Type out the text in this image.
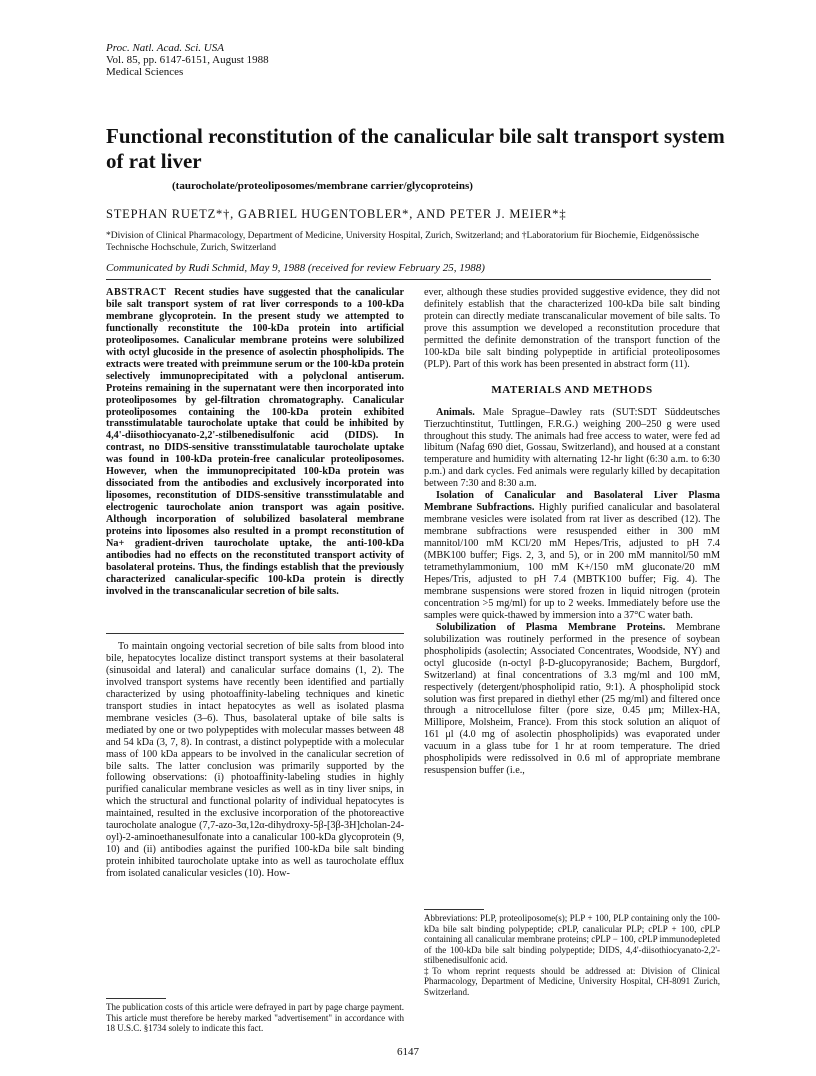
Proc. Natl. Acad. Sci. USA
Vol. 85, pp. 6147-6151, August 1988
Medical Sciences
Functional reconstitution of the canalicular bile salt transport system of rat liver
(taurocholate/proteoliposomes/membrane carrier/glycoproteins)
STEPHAN RUETZ*†, GABRIEL HUGENTOBLER*, AND PETER J. MEIER*‡
*Division of Clinical Pharmacology, Department of Medicine, University Hospital, Zurich, Switzerland; and †Laboratorium für Biochemie, Eidgenössische Technische Hochschule, Zurich, Switzerland
Communicated by Rudi Schmid, May 9, 1988 (received for review February 25, 1988)
ABSTRACT Recent studies have suggested that the canalicular bile salt transport system of rat liver corresponds to a 100-kDa membrane glycoprotein. In the present study we attempted to functionally reconstitute the 100-kDa protein into artificial proteoliposomes. Canalicular membrane proteins were solubilized with octyl glucoside in the presence of asolectin phospholipids. The extracts were treated with preimmune serum or the 100-kDa protein selectively immunoprecipitated with a polyclonal antiserum. Proteins remaining in the supernatant were then incorporated into proteoliposomes by gel-filtration chromatography. Canalicular proteoliposomes containing the 100-kDa protein exhibited transstimulatable taurocholate uptake that could be inhibited by 4,4'-diisothiocyanato-2,2'-stilbenedisulfonic acid (DIDS). In contrast, no DIDS-sensitive transstimulatable taurocholate uptake was found in 100-kDa protein-free canalicular proteoliposomes. However, when the immunoprecipitated 100-kDa protein was dissociated from the antibodies and exclusively incorporated into liposomes, reconstitution of DIDS-sensitive transstimulatable and electrogenic taurocholate anion transport was again positive. Although incorporation of solubilized basolateral membrane proteins into liposomes also resulted in a prompt reconstitution of Na+ gradient-driven taurocholate uptake, the anti-100-kDa antibodies had no effects on the reconstituted transport activity of basolateral proteins. Thus, the findings establish that the previously characterized canalicular-specific 100-kDa protein is directly involved in the transcanalicular secretion of bile salts.
To maintain ongoing vectorial secretion of bile salts from blood into bile, hepatocytes localize distinct transport systems at their basolateral (sinusoidal and lateral) and canalicular surface domains (1, 2). The involved transport systems have recently been identified and partially characterized by using photoaffinity-labeling techniques and kinetic transport studies in intact hepatocytes as well as isolated plasma membrane vesicles (3–6). Thus, basolateral uptake of bile salts is mediated by one or two polypeptides with molecular masses between 48 and 54 kDa (3, 7, 8). In contrast, a distinct polypeptide with a molecular mass of 100 kDa appears to be involved in the canalicular secretion of bile salts. The latter conclusion was primarily supported by the following observations: (i) photoaffinity-labeling studies in highly purified canalicular membrane vesicles as well as in tiny liver snips, in which the structural and functional polarity of individual hepatocytes is maintained, resulted in the exclusive incorporation of the photoreactive taurocholate analogue (7,7-azo-3α,12α-dihydroxy-5β-[3β-3H]cholan-24-oyl)-2-aminoethanesulfonate into a canalicular 100-kDa glycoprotein (9, 10) and (ii) antibodies against the purified 100-kDa bile salt binding protein inhibited taurocholate uptake into as well as taurocholate efflux from isolated canalicular vesicles (10). How-
The publication costs of this article were defrayed in part by page charge payment. This article must therefore be hereby marked "advertisement" in accordance with 18 U.S.C. §1734 solely to indicate this fact.

ever, although these studies provided suggestive evidence, they did not definitely establish that the characterized 100-kDa bile salt binding protein can directly mediate transcanalicular movement of bile salts. To prove this assumption we developed a reconstitution procedure that permitted the definite demonstration of the transport function of the 100-kDa bile salt binding polypeptide in artificial proteoliposomes (PLP). Part of this work has been presented in abstract form (11).

MATERIALS AND METHODS

Animals. Male Sprague–Dawley rats (SUT:SDT Süddeutsches Tierzuchtinstitut, Tuttlingen, F.R.G.) weighing 200–250 g were used throughout this study. The animals had free access to water, were fed ad libitum (Nafag 690 diet, Gossau, Switzerland), and housed at a constant temperature and humidity with alternating 12-hr light (6:30 a.m. to 6:30 p.m.) and dark cycles. Fed animals were regularly killed by decapitation between 7:30 and 8:30 a.m.

Isolation of Canalicular and Basolateral Liver Plasma Membrane Subfractions. Highly purified canalicular and basolateral membrane vesicles were isolated from rat liver as described (12). The membrane subfractions were resuspended either in 300 mM mannitol/100 mM KCl/20 mM Hepes/Tris, adjusted to pH 7.4 (MBK100 buffer; Figs. 2, 3, and 5), or in 200 mM mannitol/50 mM tetramethylammonium, 100 mM K+/150 mM gluconate/20 mM Hepes/Tris, adjusted to pH 7.4 (MBTK100 buffer; Fig. 4). The membrane suspensions were stored frozen in liquid nitrogen (protein concentration >5 mg/ml) for up to 2 weeks. Immediately before use the samples were quick-thawed by immersion into a 37°C water bath.

Solubilization of Plasma Membrane Proteins. Membrane solubilization was routinely performed in the presence of soybean phospholipids (asolectin; Associated Concentrates, Woodside, NY) and octyl glucoside (n-octyl β-D-glucopyranoside; Bachem, Burgdorf, Switzerland) at final concentrations of 3.3 mg/ml and 100 mM, respectively (detergent/phospholipid ratio, 9:1). A phospholipid stock solution was first prepared in diethyl ether (25 mg/ml) and filtered once through a nitrocellulose filter (pore size, 0.45 μm; Millex-HA, Millipore, Molsheim, France). From this stock solution an aliquot of 161 μl (4.0 mg of asolectin phospholipids) was evaporated under vacuum in a glass tube for 1 hr at room temperature. The dried phospholipids were redissolved in 0.6 ml of appropriate membrane resuspension buffer (i.e.,

Abbreviations: PLP, proteoliposome(s); PLP + 100, PLP containing only the 100-kDa bile salt binding polypeptide; cPLP, canalicular PLP; cPLP + 100, cPLP containing all canalicular membrane proteins; cPLP − 100, cPLP immunodepleted of the 100-kDa bile salt binding polypeptide; DIDS, 4,4'-diisothiocyanato-2,2'-stilbenedisulfonic acid.

‡To whom reprint requests should be addressed at: Division of Clinical Pharmacology, Department of Medicine, University Hospital, CH-8091 Zurich, Switzerland.

6147
